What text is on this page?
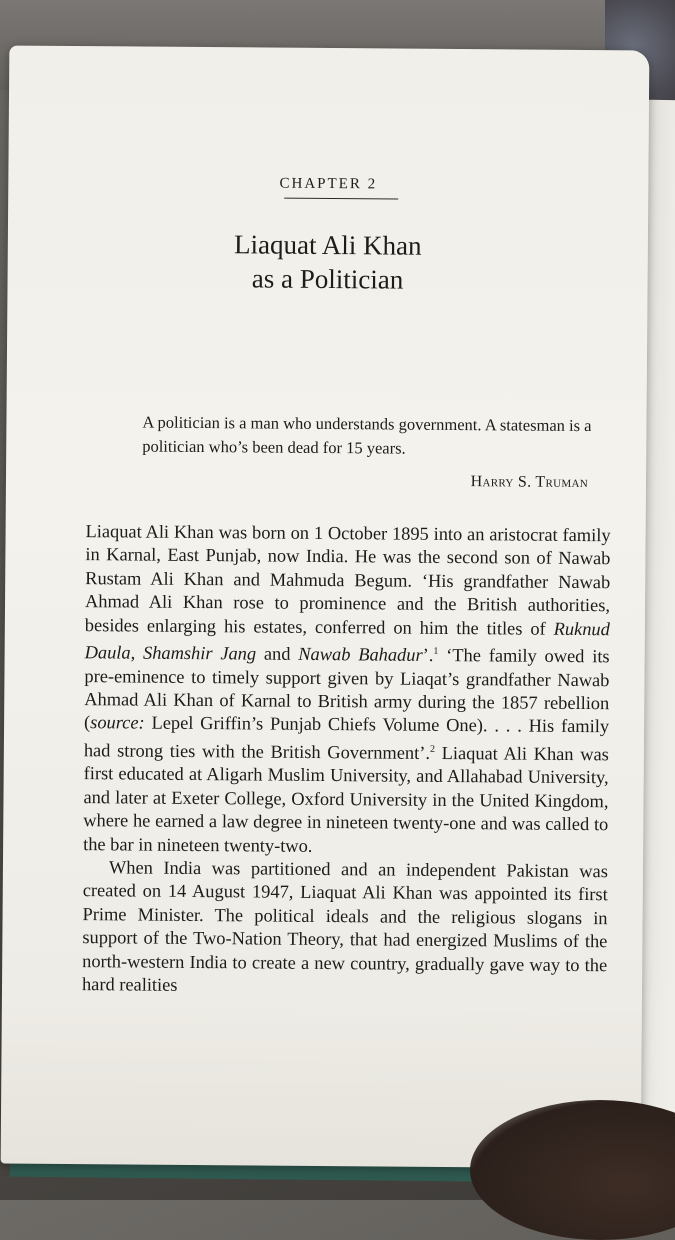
CHAPTER 2
Liaquat Ali Khan
as a Politician
A politician is a man who understands government. A statesman is a politician who’s been dead for 15 years.
Harry S. Truman

Liaquat Ali Khan was born on 1 October 1895 into an aristocrat family in Karnal, East Punjab, now India. He was the second son of Nawab Rustam Ali Khan and Mahmuda Begum. ‘His grandfather Nawab Ahmad Ali Khan rose to prominence and the British authorities, besides enlarging his estates, conferred on him the titles of Ruknud Daula, Shamshir Jang and Nawab Bahadur’.$^1$ ‘The family owed its pre-eminence to timely support given by Liaqat’s grandfather Nawab Ahmad Ali Khan of Karnal to British army during the 1857 rebellion (source: Lepel Griffin’s Punjab Chiefs Volume One). . . . His family had strong ties with the British Government’.$^2$ Liaquat Ali Khan was first educated at Aligarh Muslim University, and Allahabad University, and later at Exeter College, Oxford University in the United Kingdom, where he earned a law degree in nineteen twenty-one and was called to the bar in nineteen twenty-two.

When India was partitioned and an independent Pakistan was created on 14 August 1947, Liaquat Ali Khan was appointed its first Prime Minister. The political ideals and the religious slogans in support of the Two-Nation Theory, that had energized Muslims of the north-western India to create a new country, gradually gave way to the hard realities
